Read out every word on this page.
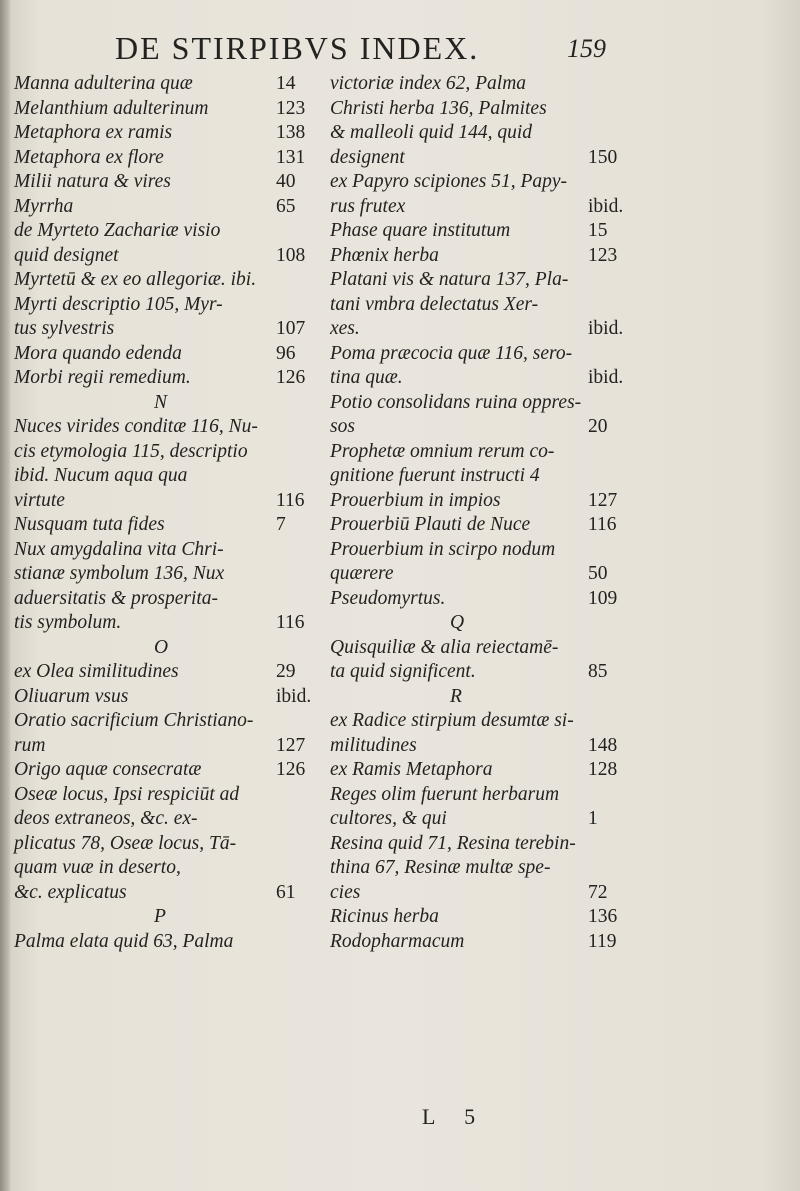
DE STIRPIBVS INDEX.	159
Manna adulterina quæ	14
Melanthium adulterinum	123
Metaphora ex ramis	138
Metaphora ex flore	131
Milii natura & vires	40
Myrrha	65
de Myrteto Zachariæ visio
quid designet	108
Myrtetū & ex eo allegoriæ. ibi.
Myrti descriptio 105, Myr-
tus sylvestris	107
Mora quando edenda	96
Morbi regii remedium.	126
N
Nuces virides conditæ 116, Nu-
cis etymologia 115, descriptio
ibid. Nucum aqua qua
virtute	116
Nusquam tuta fides	7
Nux amygdalina vita Chri-
stianæ symbolum 136, Nux
aduersitatis & prosperita-
tis symbolum.	116
O
ex Olea similitudines	29
Oliuarum vsus	ibid.
Oratio sacrificium Christiano-
rum	127
Origo aquæ consecratæ	126
Oseæ locus, Ipsi respiciūt ad
deos extraneos, &c. ex-
plicatus 78, Oseæ locus, Tā-
quam vuæ in deserto,
&c. explicatus	61
P
Palma elata quid 63, Palma
victoriæ index 62, Palma
Christi herba 136, Palmites
& malleoli quid 144, quid
designent	150
ex Papyro scipiones 51, Papy-
rus frutex	ibid.
Phase quare institutum	15
Phœnix herba	123
Platani vis & natura 137, Pla-
tani vmbra delectatus Xer-
xes.	ibid.
Poma præcocia quæ 116, sero-
tina quæ.	ibid.
Potio consolidans ruina oppres-
sos	20
Prophetæ omnium rerum co-
gnitione fuerunt instructi 4
Prouerbium in impios	127
Prouerbiū Plauti de Nuce	116
Prouerbium in scirpo nodum
quærere	50
Pseudomyrtus.	109
Q
Quisquiliæ & alia reiectamē-
ta quid significent.	85
R
ex Radice stirpium desumtæ si-
militudines	148
ex Ramis Metaphora	128
Reges olim fuerunt herbarum
cultores, & qui	1
Resina quid 71, Resina terebin-
thina 67, Resinæ multæ spe-
cies	72
Ricinus herba	136
Rodopharmacum	119
L 5
